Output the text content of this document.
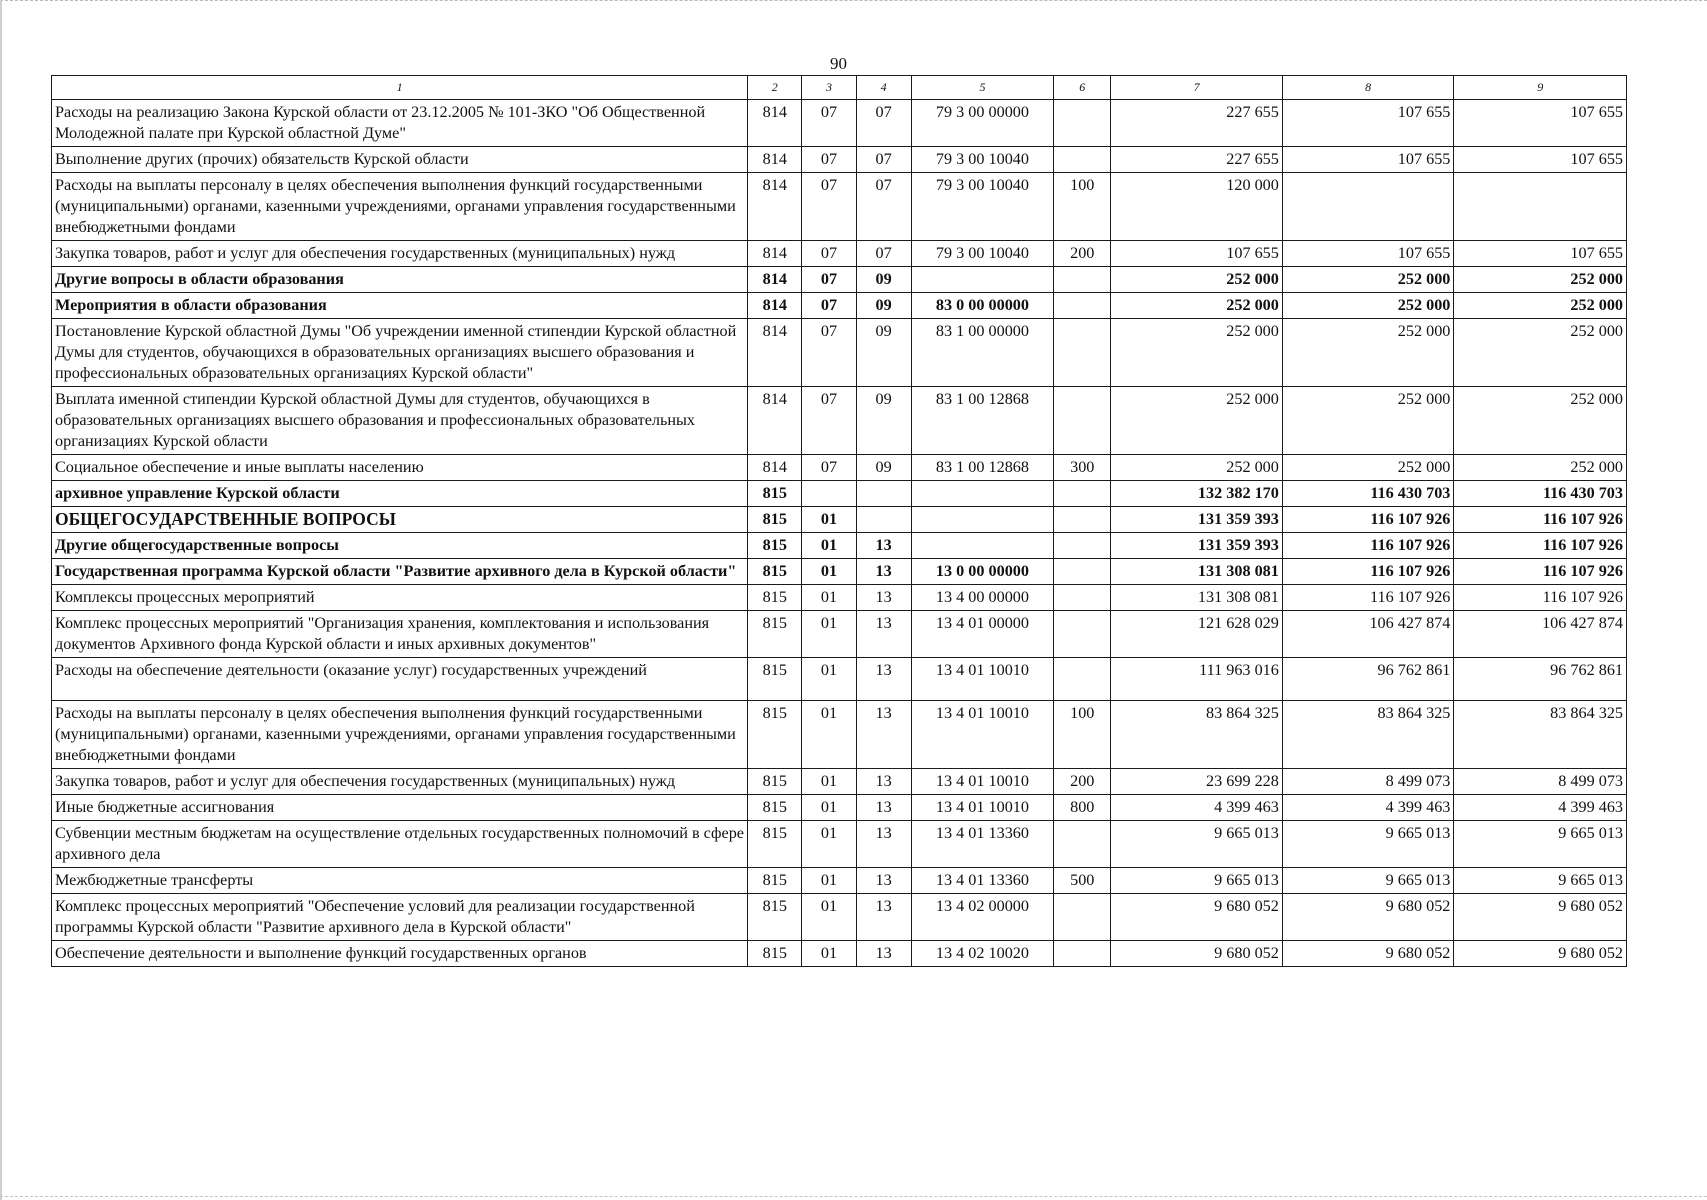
90
1	2	3	4	5	6	7	8	9
Расходы на реализацию Закона Курской области от 23.12.2005 № 101-ЗКО "Об Общественной Молодежной палате при Курской областной Думе"	814	07	07	79 3 00 00000		227 655	107 655	107 655
Выполнение других (прочих) обязательств Курской области	814	07	07	79 3 00 10040		227 655	107 655	107 655
Расходы на выплаты персоналу в целях обеспечения выполнения функций государственными (муниципальными) органами, казенными учреждениями, органами управления государственными внебюджетными фондами	814	07	07	79 3 00 10040	100	120 000		
Закупка товаров, работ и услуг для обеспечения государственных (муниципальных) нужд	814	07	07	79 3 00 10040	200	107 655	107 655	107 655
Другие вопросы в области образования	814	07	09			252 000	252 000	252 000
Мероприятия в области образования	814	07	09	83 0 00 00000		252 000	252 000	252 000
Постановление Курской областной Думы "Об учреждении именной стипендии Курской областной Думы для студентов, обучающихся в образовательных организациях высшего образования и профессиональных образовательных организациях Курской области"	814	07	09	83 1 00 00000		252 000	252 000	252 000
Выплата именной стипендии Курской областной Думы для студентов, обучающихся в образовательных организациях высшего образования и профессиональных образовательных организациях Курской области	814	07	09	83 1 00 12868		252 000	252 000	252 000
Социальное обеспечение и иные выплаты населению	814	07	09	83 1 00 12868	300	252 000	252 000	252 000
архивное управление Курской области	815					132 382 170	116 430 703	116 430 703
ОБЩЕГОСУДАРСТВЕННЫЕ ВОПРОСЫ	815	01				131 359 393	116 107 926	116 107 926
Другие общегосударственные вопросы	815	01	13			131 359 393	116 107 926	116 107 926
Государственная программа Курской области "Развитие архивного дела в Курской области"	815	01	13	13 0 00 00000		131 308 081	116 107 926	116 107 926
Комплексы процессных мероприятий	815	01	13	13 4 00 00000		131 308 081	116 107 926	116 107 926
Комплекс процессных мероприятий "Организация хранения, комплектования и использования документов Архивного фонда Курской области и иных архивных документов"	815	01	13	13 4 01 00000		121 628 029	106 427 874	106 427 874
Расходы на обеспечение деятельности (оказание услуг) государственных учреждений	815	01	13	13 4 01 10010		111 963 016	96 762 861	96 762 861
Расходы на выплаты персоналу в целях обеспечения выполнения функций государственными (муниципальными) органами, казенными учреждениями, органами управления государственными внебюджетными фондами	815	01	13	13 4 01 10010	100	83 864 325	83 864 325	83 864 325
Закупка товаров, работ и услуг для обеспечения государственных (муниципальных) нужд	815	01	13	13 4 01 10010	200	23 699 228	8 499 073	8 499 073
Иные бюджетные ассигнования	815	01	13	13 4 01 10010	800	4 399 463	4 399 463	4 399 463
Субвенции местным бюджетам на осуществление отдельных государственных полномочий в сфере архивного дела	815	01	13	13 4 01 13360		9 665 013	9 665 013	9 665 013
Межбюджетные трансферты	815	01	13	13 4 01 13360	500	9 665 013	9 665 013	9 665 013
Комплекс процессных мероприятий "Обеспечение условий для реализации государственной программы Курской области "Развитие архивного дела в Курской области"	815	01	13	13 4 02 00000		9 680 052	9 680 052	9 680 052
Обеспечение деятельности и выполнение функций государственных органов	815	01	13	13 4 02 10020		9 680 052	9 680 052	9 680 052
